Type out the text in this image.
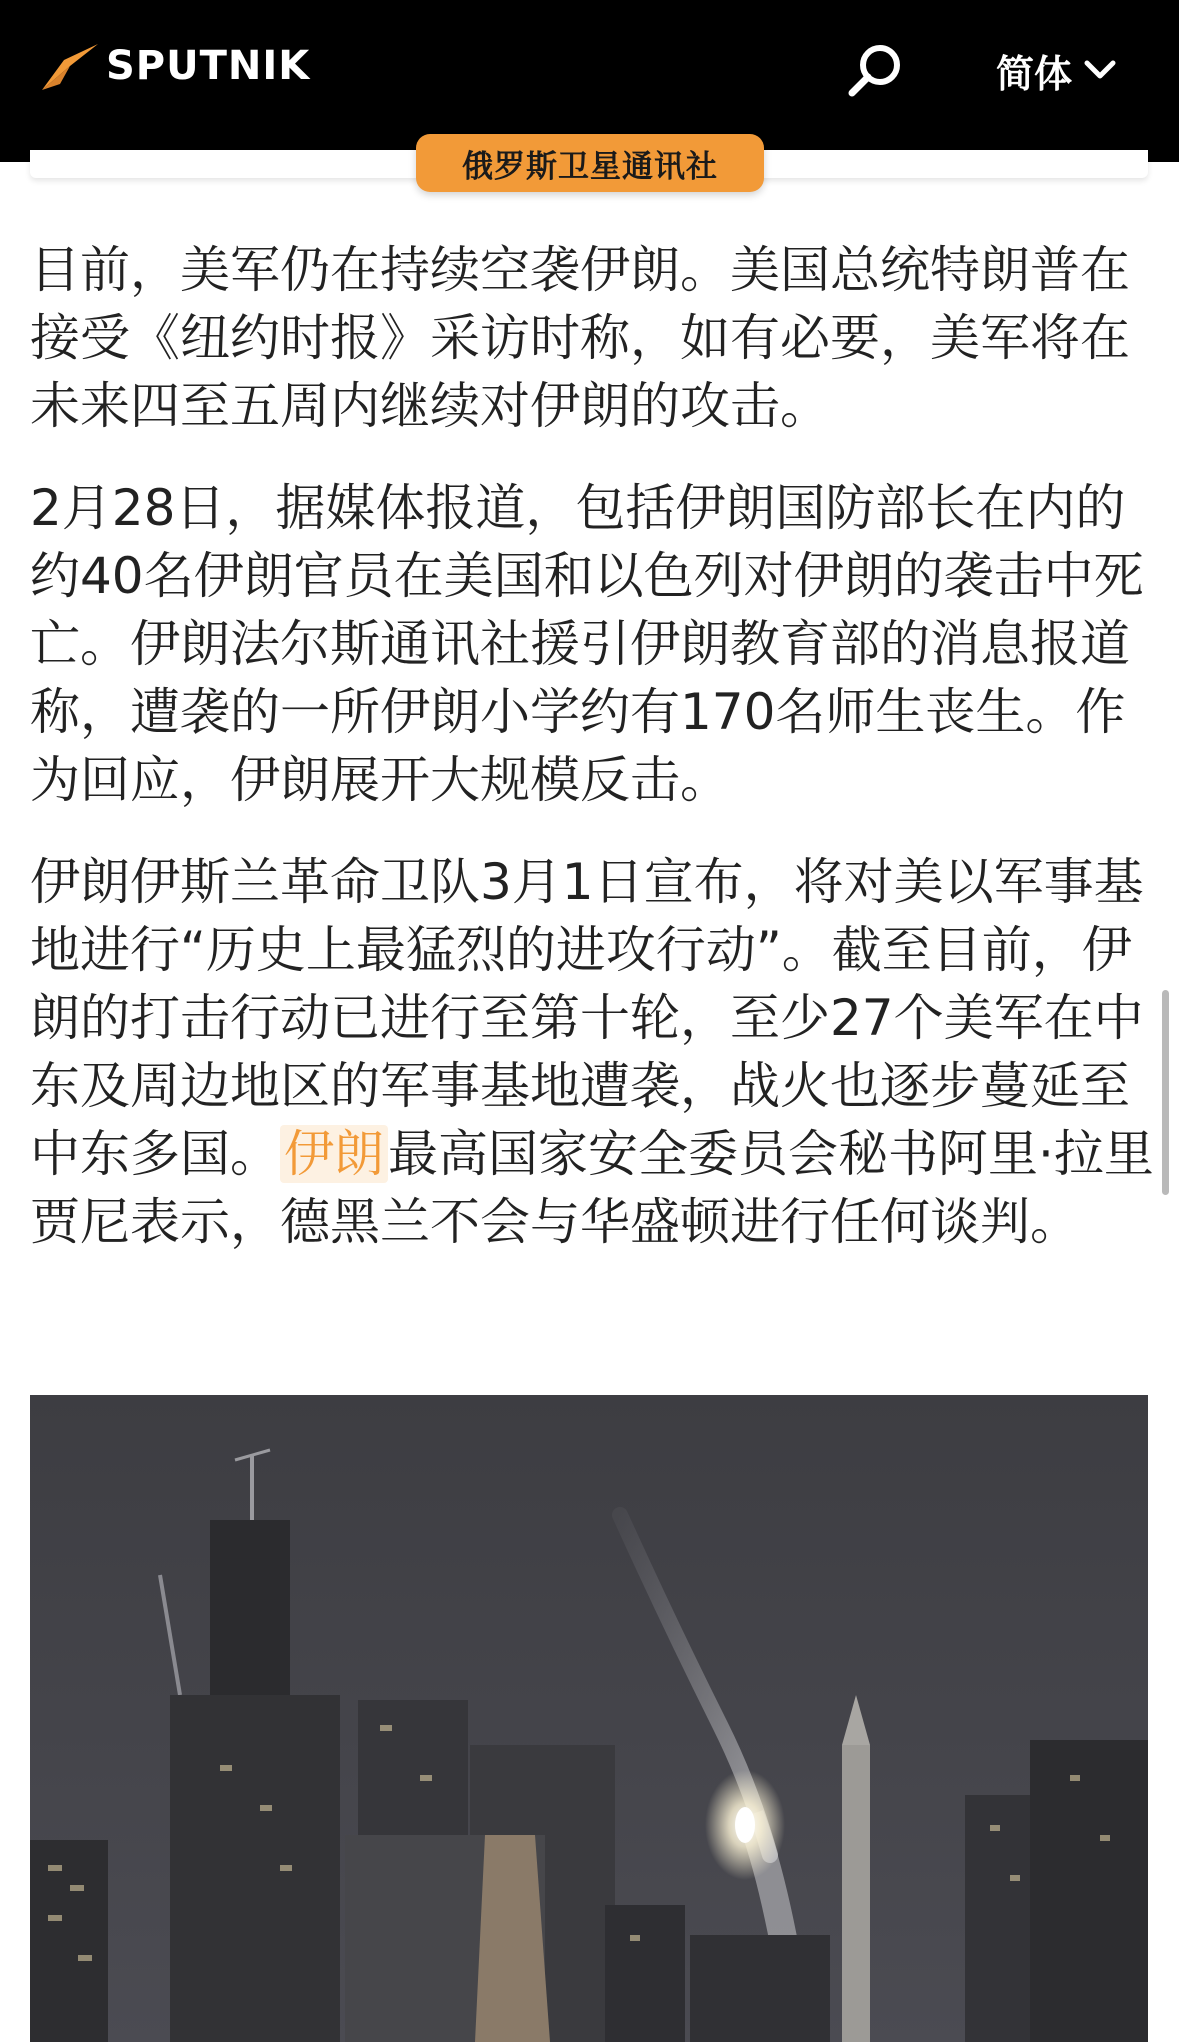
SPUTNIK	简体
俄罗斯卫星通讯社

目前，美军仍在持续空袭伊朗。美国总统特朗普在接受《纽约时报》采访时称，如有必要，美军将在未来四至五周内继续对伊朗的攻击。

2月28日，据媒体报道，包括伊朗国防部长在内的约40名伊朗官员在美国和以色列对伊朗的袭击中死亡。伊朗法尔斯通讯社援引伊朗教育部的消息报道称，遭袭的一所伊朗小学约有170名师生丧生。作为回应，伊朗展开大规模反击。

伊朗伊斯兰革命卫队3月1日宣布，将对美以军事基地进行“历史上最猛烈的进攻行动”。截至目前，伊朗的打击行动已进行至第十轮，至少27个美军在中东及周边地区的军事基地遭袭，战火也逐步蔓延至中东多国。伊朗最高国家安全委员会秘书阿里·拉里贾尼表示，德黑兰不会与华盛顿进行任何谈判。
